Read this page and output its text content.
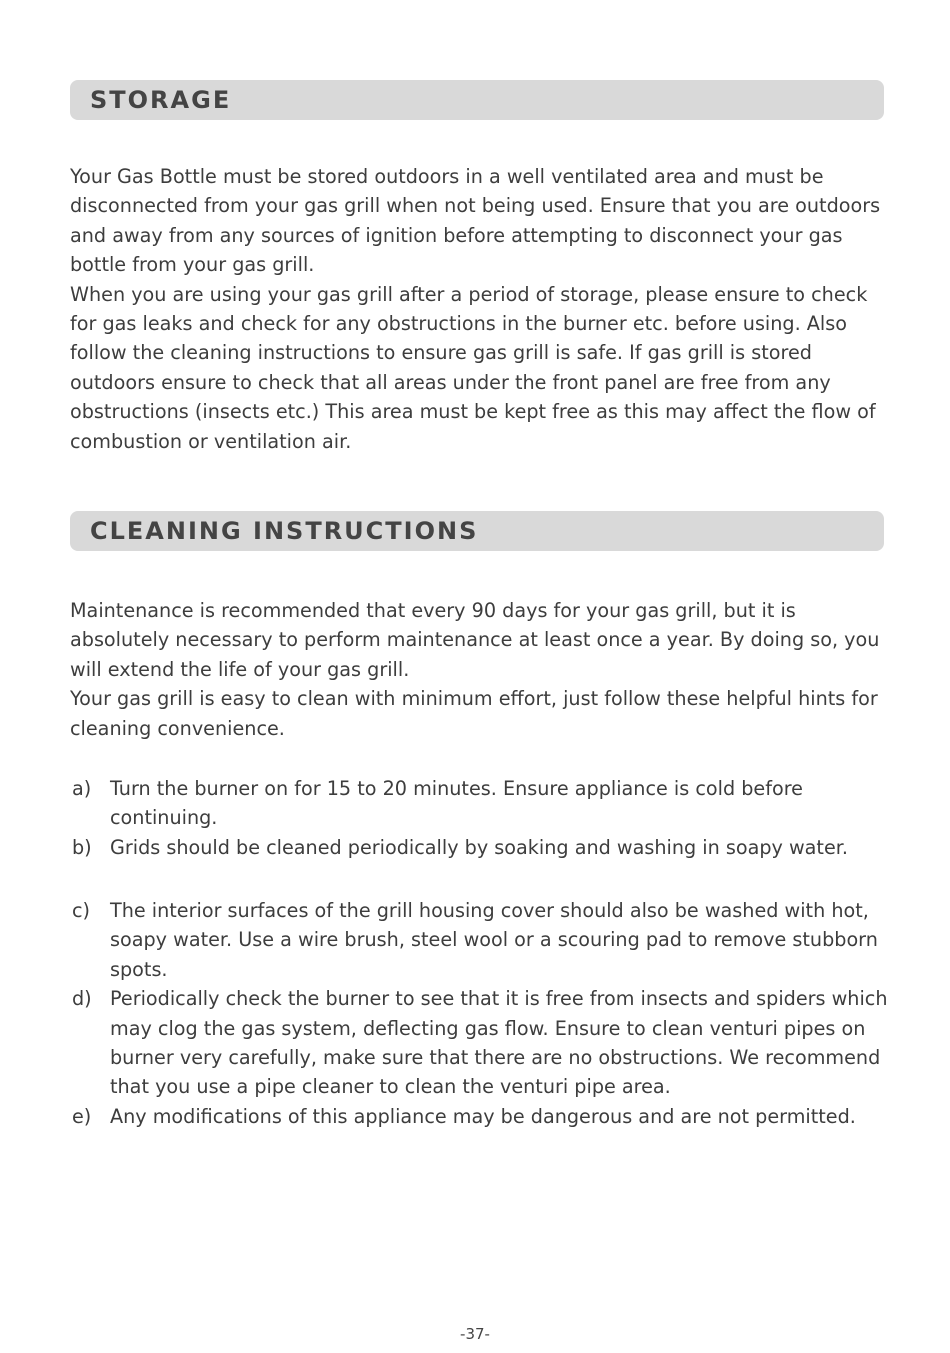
STORAGE

Your Gas Bottle must be stored outdoors in a well ventilated area and must be disconnected from your gas grill when not being used. Ensure that you are outdoors and away from any sources of ignition before attempting to disconnect your gas bottle from your gas grill.
When you are using your gas grill after a period of storage, please ensure to check for gas leaks and check for any obstructions in the burner etc. before using. Also follow the cleaning instructions to ensure gas grill is safe. If gas grill is stored outdoors ensure to check that all areas under the front panel are free from any obstructions (insects etc.) This area must be kept free as this may affect the flow of combustion or ventilation air.

CLEANING INSTRUCTIONS

Maintenance is recommended that every 90 days for your gas grill, but it is absolutely necessary to perform maintenance at least once a year. By doing so, you will extend the life of your gas grill.
Your gas grill is easy to clean with minimum effort, just follow these helpful hints for cleaning convenience.

a) Turn the burner on for 15 to 20 minutes. Ensure appliance is cold before continuing.
b) Grids should be cleaned periodically by soaking and washing in soapy water.
c) The interior surfaces of the grill housing cover should also be washed with hot, soapy water. Use a wire brush, steel wool or a scouring pad to remove stubborn spots.
d) Periodically check the burner to see that it is free from insects and spiders which may clog the gas system, deflecting gas flow. Ensure to clean venturi pipes on burner very carefully, make sure that there are no obstructions. We recommend that you use a pipe cleaner to clean the venturi pipe area.
e) Any modifications of this appliance may be dangerous and are not permitted.
-37-
